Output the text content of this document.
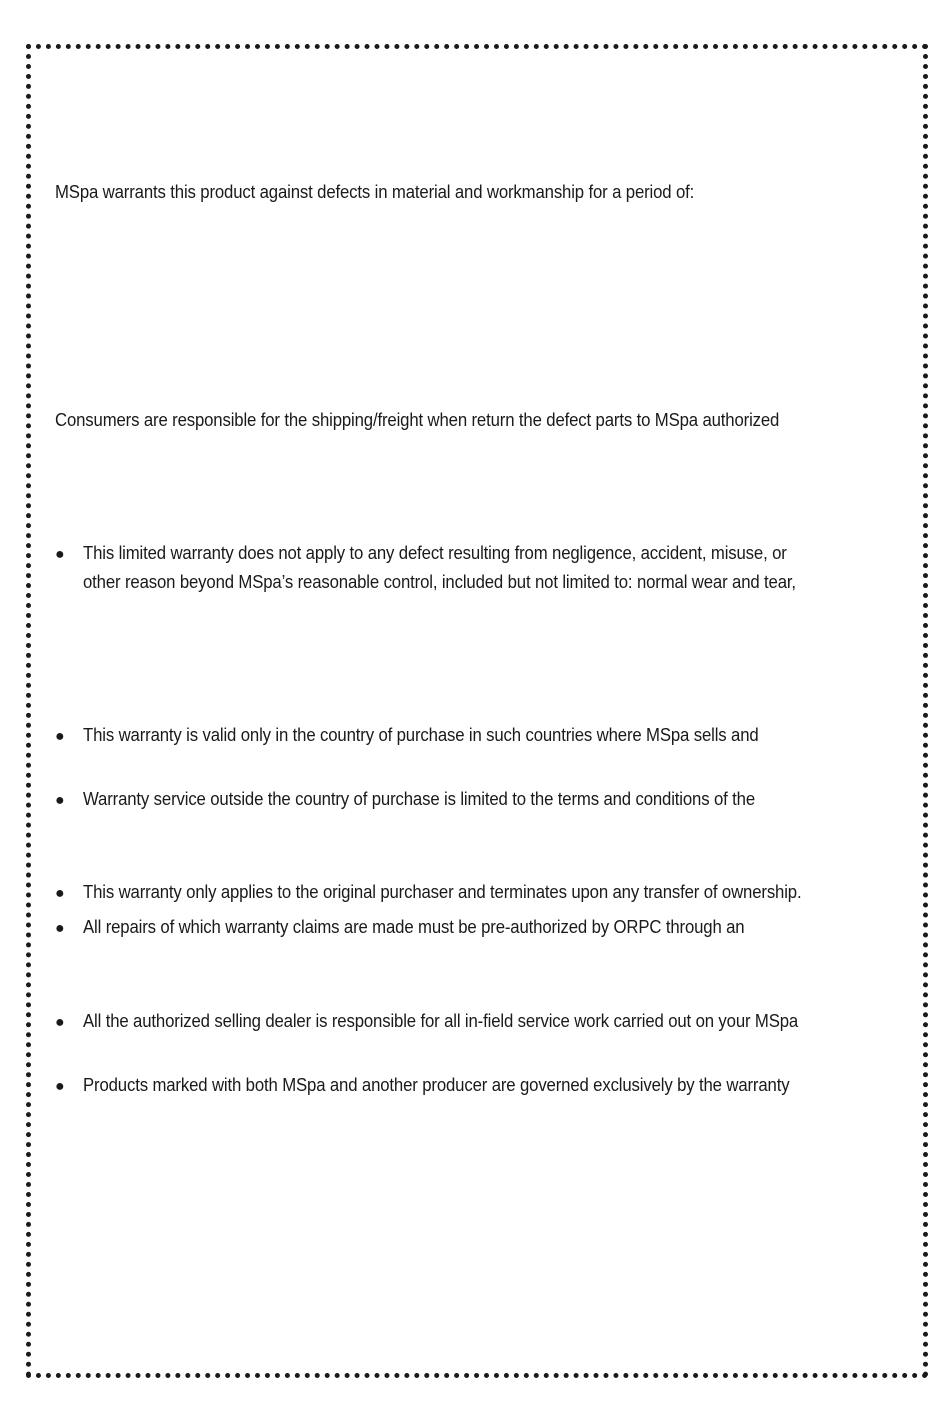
MSpa warrants this product against defects in material and workmanship for a period of:
Consumers are responsible for the shipping/freight when return the defect parts to MSpa authorized
● This limited warranty does not apply to any defect resulting from negligence, accident, misuse, or
other reason beyond MSpa’s reasonable control, included but not limited to: normal wear and tear,
● This warranty is valid only in the country of purchase in such countries where MSpa sells and
● Warranty service outside the country of purchase is limited to the terms and conditions of the
● This warranty only applies to the original purchaser and terminates upon any transfer of ownership.
● All repairs of which warranty claims are made must be pre-authorized by ORPC through an
● All the authorized selling dealer is responsible for all in-field service work carried out on your MSpa
● Products marked with both MSpa and another producer are governed exclusively by the warranty
